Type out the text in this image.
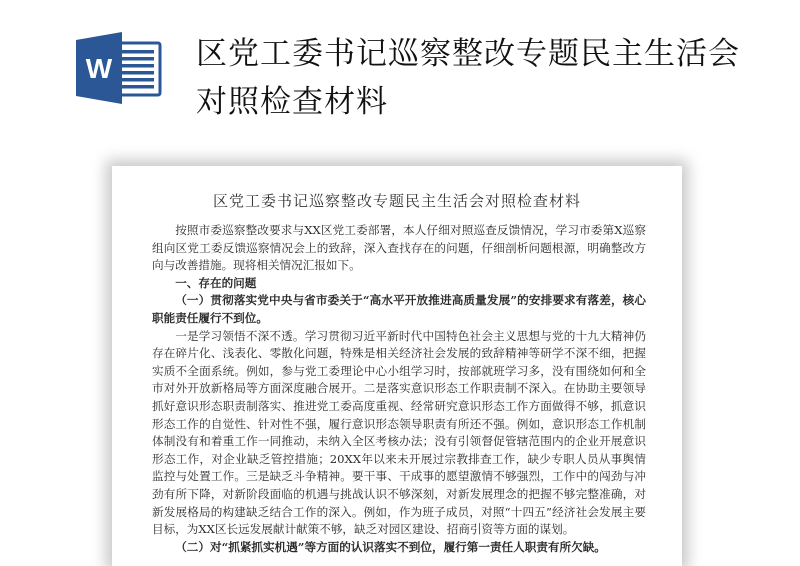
W	区党工委书记巡察整改专题民主生活会对照检查材料
区党工委书记巡察整改专题民主生活会对照检查材料

按照市委巡察整改要求与XX区党工委部署，本人仔细对照巡查反馈情况，学习市委第X巡察组向区党工委反馈巡察情况会上的致辞，深入查找存在的问题，仔细剖析问题根源，明确整改方向与改善措施。现将相关情况汇报如下。

一、存在的问题

（一）贯彻落实党中央与省市委关于“高水平开放推进高质量发展”的安排要求有落差，核心职能责任履行不到位。

一是学习领悟不深不透。学习贯彻习近平新时代中国特色社会主义思想与党的十九大精神仍存在碎片化、浅表化、零散化问题，特殊是相关经济社会发展的致辞精神等研学不深不细，把握实质不全面系统。例如，参与党工委理论中心小组学习时，按部就班学习多，没有围绕如何和全市对外开放新格局等方面深度融合展开。二是落实意识形态工作职责制不深入。在协助主要领导抓好意识形态职责制落实、推进党工委高度重视、经常研究意识形态工作方面做得不够，抓意识形态工作的自觉性、针对性不强，履行意识形态领导职责有所还不强。例如，意识形态工作机制体制没有和着重工作一同推动，未纳入全区考核办法；没有引领督促管辖范围内的企业开展意识形态工作，对企业缺乏管控措施；20XX年以来未开展过宗教排查工作，缺少专职人员从事舆情监控与处置工作。三是缺乏斗争精神。要干事、干成事的愿望激情不够强烈，工作中的闯劲与冲劲有所下降，对新阶段面临的机遇与挑战认识不够深刻，对新发展理念的把握不够完整准确，对新发展格局的构建缺乏结合工作的深入。例如，作为班子成员，对照“十四五”经济社会发展主要目标，为XX区长远发展献计献策不够，缺乏对园区建设、招商引资等方面的谋划。

（二）对“抓紧抓实机遇”等方面的认识落实不到位，履行第一责任人职责有所欠缺。
